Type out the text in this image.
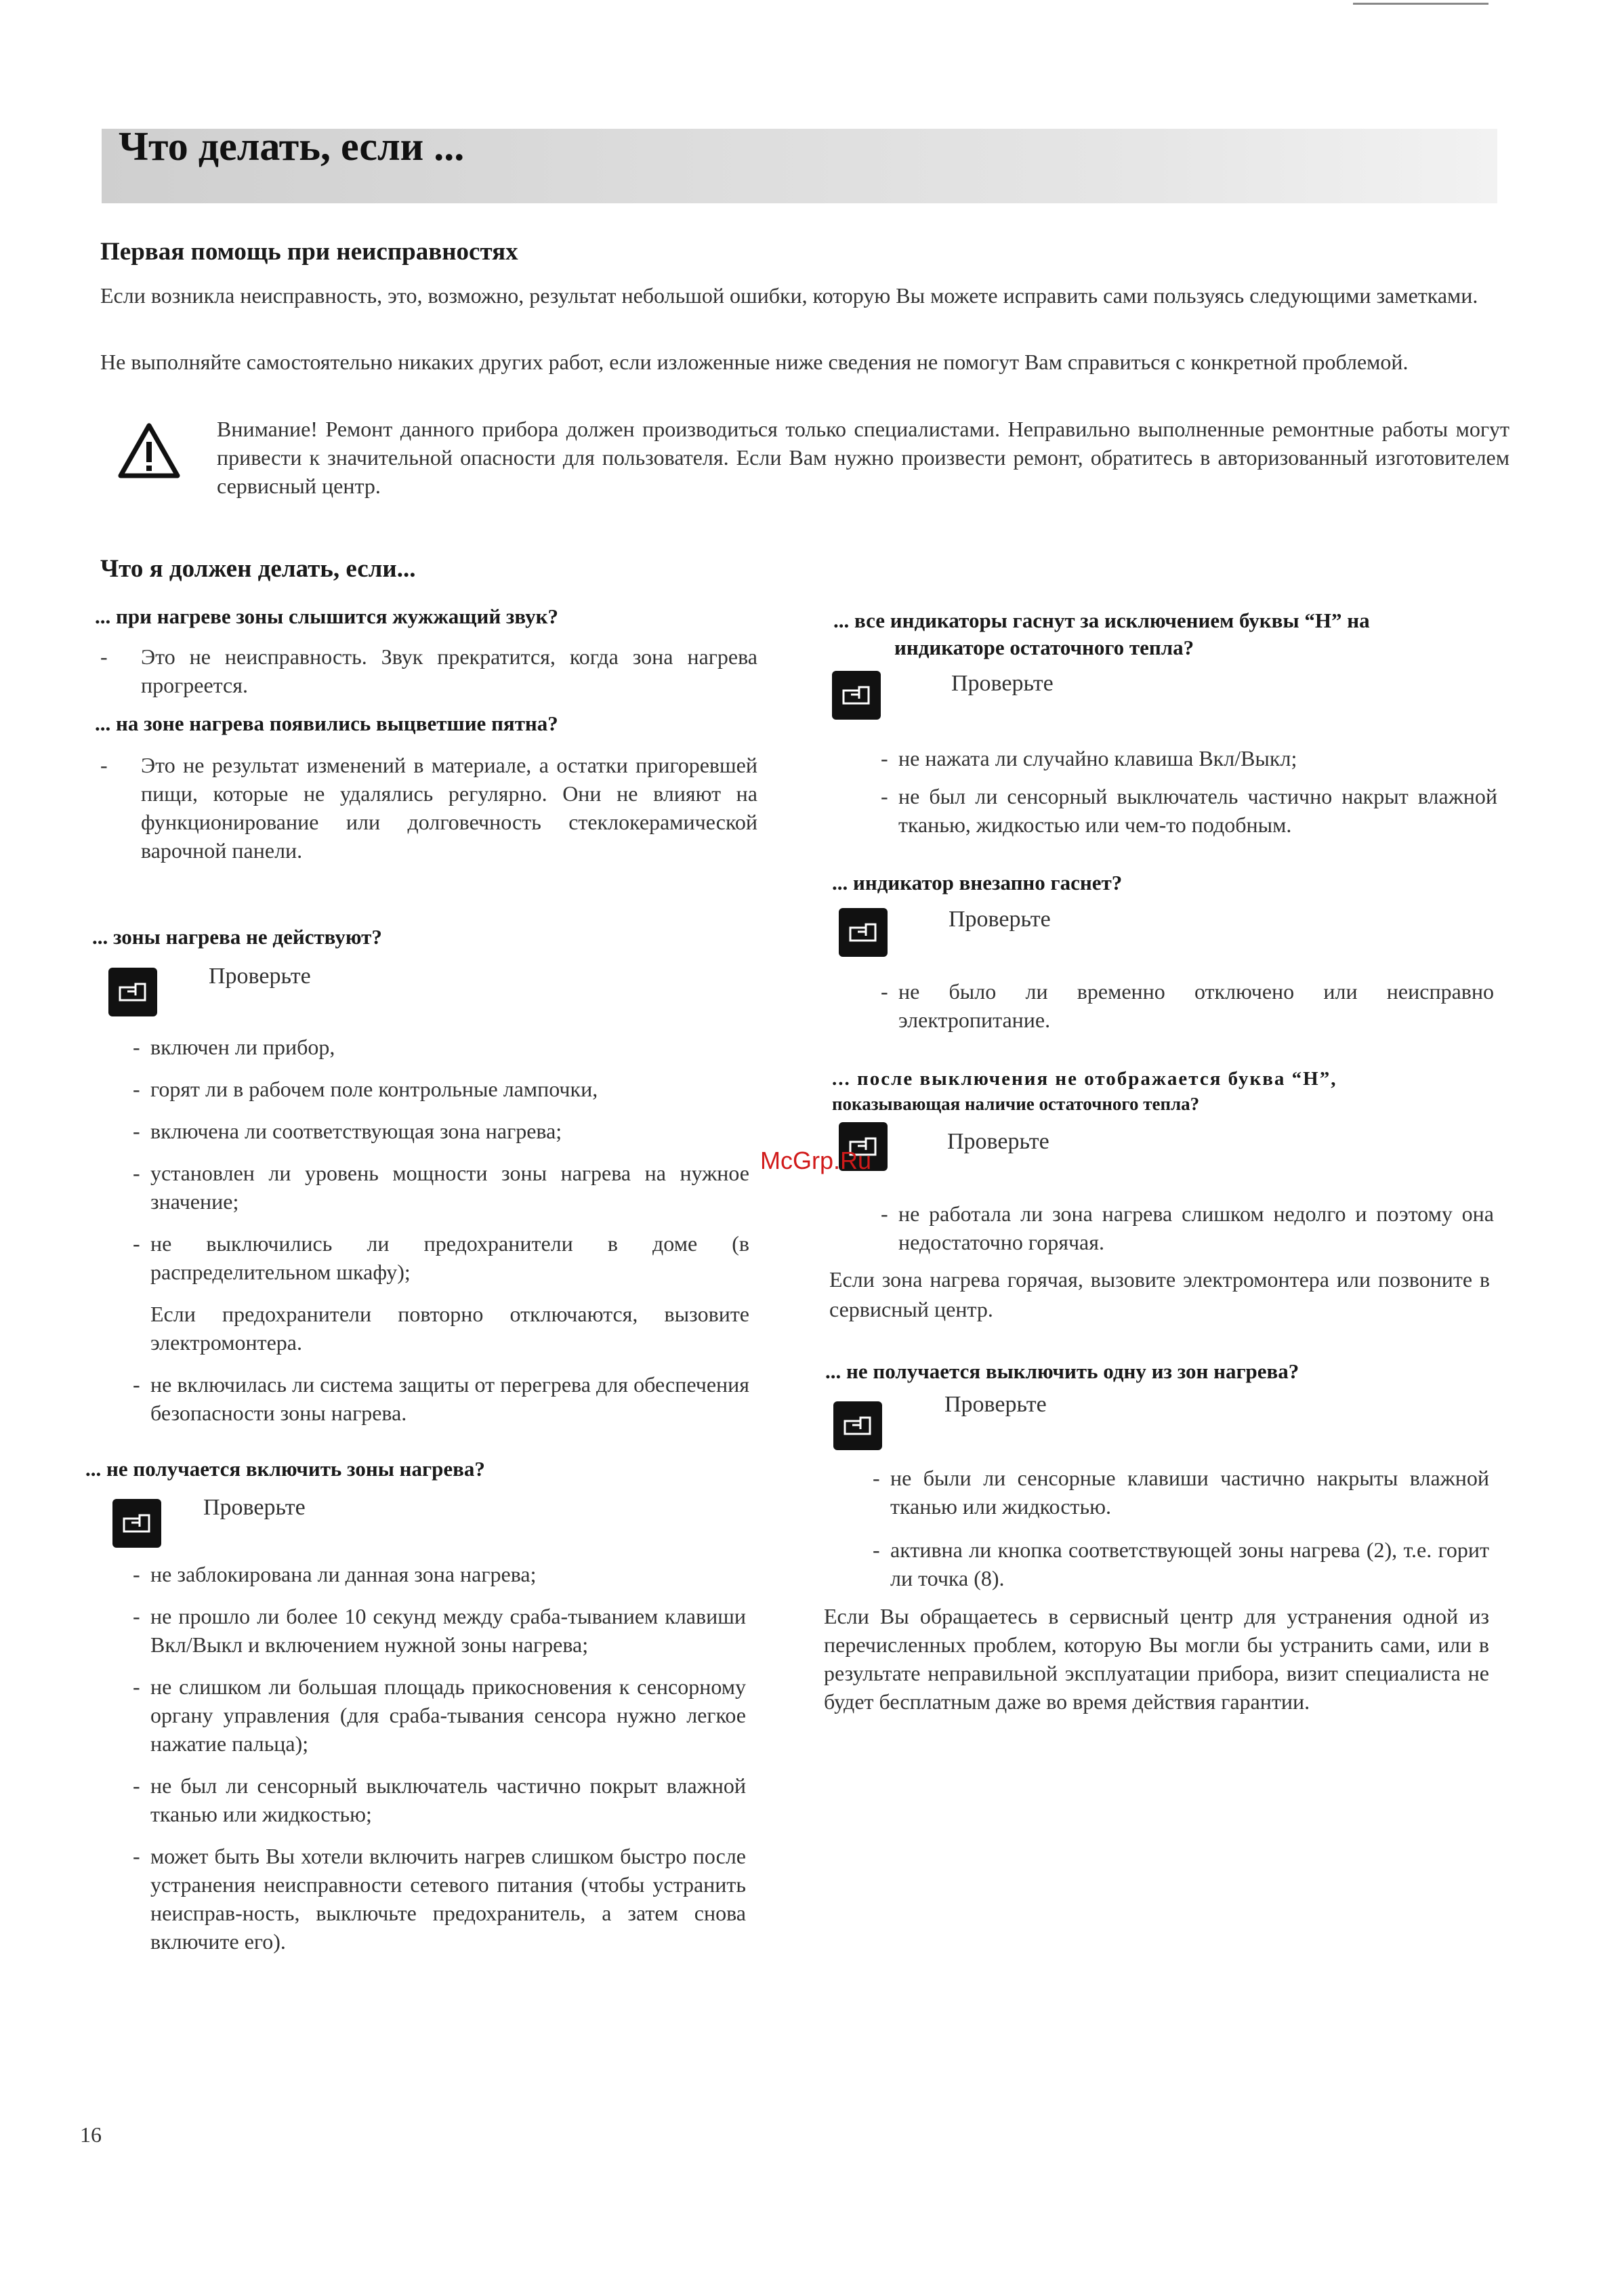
Что делать, если ...
Первая помощь при неисправностях
Если возникла неисправность, это, возможно, результат небольшой ошибки, которую Вы можете исправить сами пользуясь следующими заметками.
Не выполняйте самостоятельно никаких других работ, если изложенные ниже сведения не помогут Вам справиться с конкретной проблемой.
Внимание! Ремонт данного прибора должен производиться только специалистами. Неправильно выполненные ремонтные работы могут привести к значительной опасности для пользователя. Если Вам нужно произвести ремонт, обратитесь в авторизованный изготовителем сервисный центр.
Что я должен делать, если...
... при нагреве зоны слышится жужжащий звук?
- Это не неисправность. Звук прекратится, когда зона нагрева прогреется.
... на зоне нагрева появились выцветшие пятна?
- Это не результат изменений в материале, а остатки пригоревшей пищи, которые не удалялись регулярно. Они не влияют на функционирование или долговечность стеклокерамической варочной панели.
... зоны нагрева не действуют?
Проверьте
- включен ли прибор,
- горят ли в рабочем поле контрольные лампочки,
- включена ли соответствующая зона нагрева;
- установлен ли уровень мощности зоны нагрева на нужное значение;
- не выключились ли предохранители в доме (в распределительном шкафу);

Если предохранители повторно отключаются, вызовите электромонтера.

- не включилась ли система защиты от перегрева для обеспечения безопасности зоны нагрева.
... не получается включить зоны нагрева?
Проверьте
- не заблокирована ли данная зона нагрева;
- не прошло ли более 10 секунд между сраба-тыванием клавиши Вкл/Выкл и включением нужной зоны нагрева;
- не слишком ли большая площадь прикосновения к сенсорному органу управления (для сраба-тывания сенсора нужно легкое нажатие пальца);
- не был ли сенсорный выключатель частично покрыт влажной тканью или жидкостью;
- может быть Вы хотели включить нагрев слишком быстро после устранения неисправности сетевого питания (чтобы устранить неисправ-ность, выключьте предохранитель, а затем снова включите его).
... все индикаторы гаснут за исключением буквы “H” на
индикаторе остаточного тепла?
Проверьте
- не нажата ли случайно клавиша Вкл/Выкл;
- не был ли сенсорный выключатель частично накрыт влажной тканью, жидкостью или чем-то подобным.
... индикатор внезапно гаснет?
Проверьте
- не было ли временно отключено или неисправно электропитание.
... после выключения не отображается буква “H”,
показывающая наличие остаточного тепла?
McGrp.Ru
Проверьте
- не работала ли зона нагрева слишком недолго и поэтому она недостаточно горячая.
Если зона нагрева горячая, вызовите электромонтера или позвоните в сервисный центр.
... не получается выключить одну из зон нагрева?
Проверьте
- не были ли сенсорные клавиши частично накрыты влажной тканью или жидкостью.
- активна ли кнопка соответствующей зоны нагрева (2), т.е. горит ли точка (8).
Если Вы обращаетесь в сервисный центр для устранения одной из перечисленных проблем, которую Вы могли бы устранить сами, или в результате неправильной эксплуатации прибора, визит специалиста не будет бесплатным даже во время действия гарантии.
16
